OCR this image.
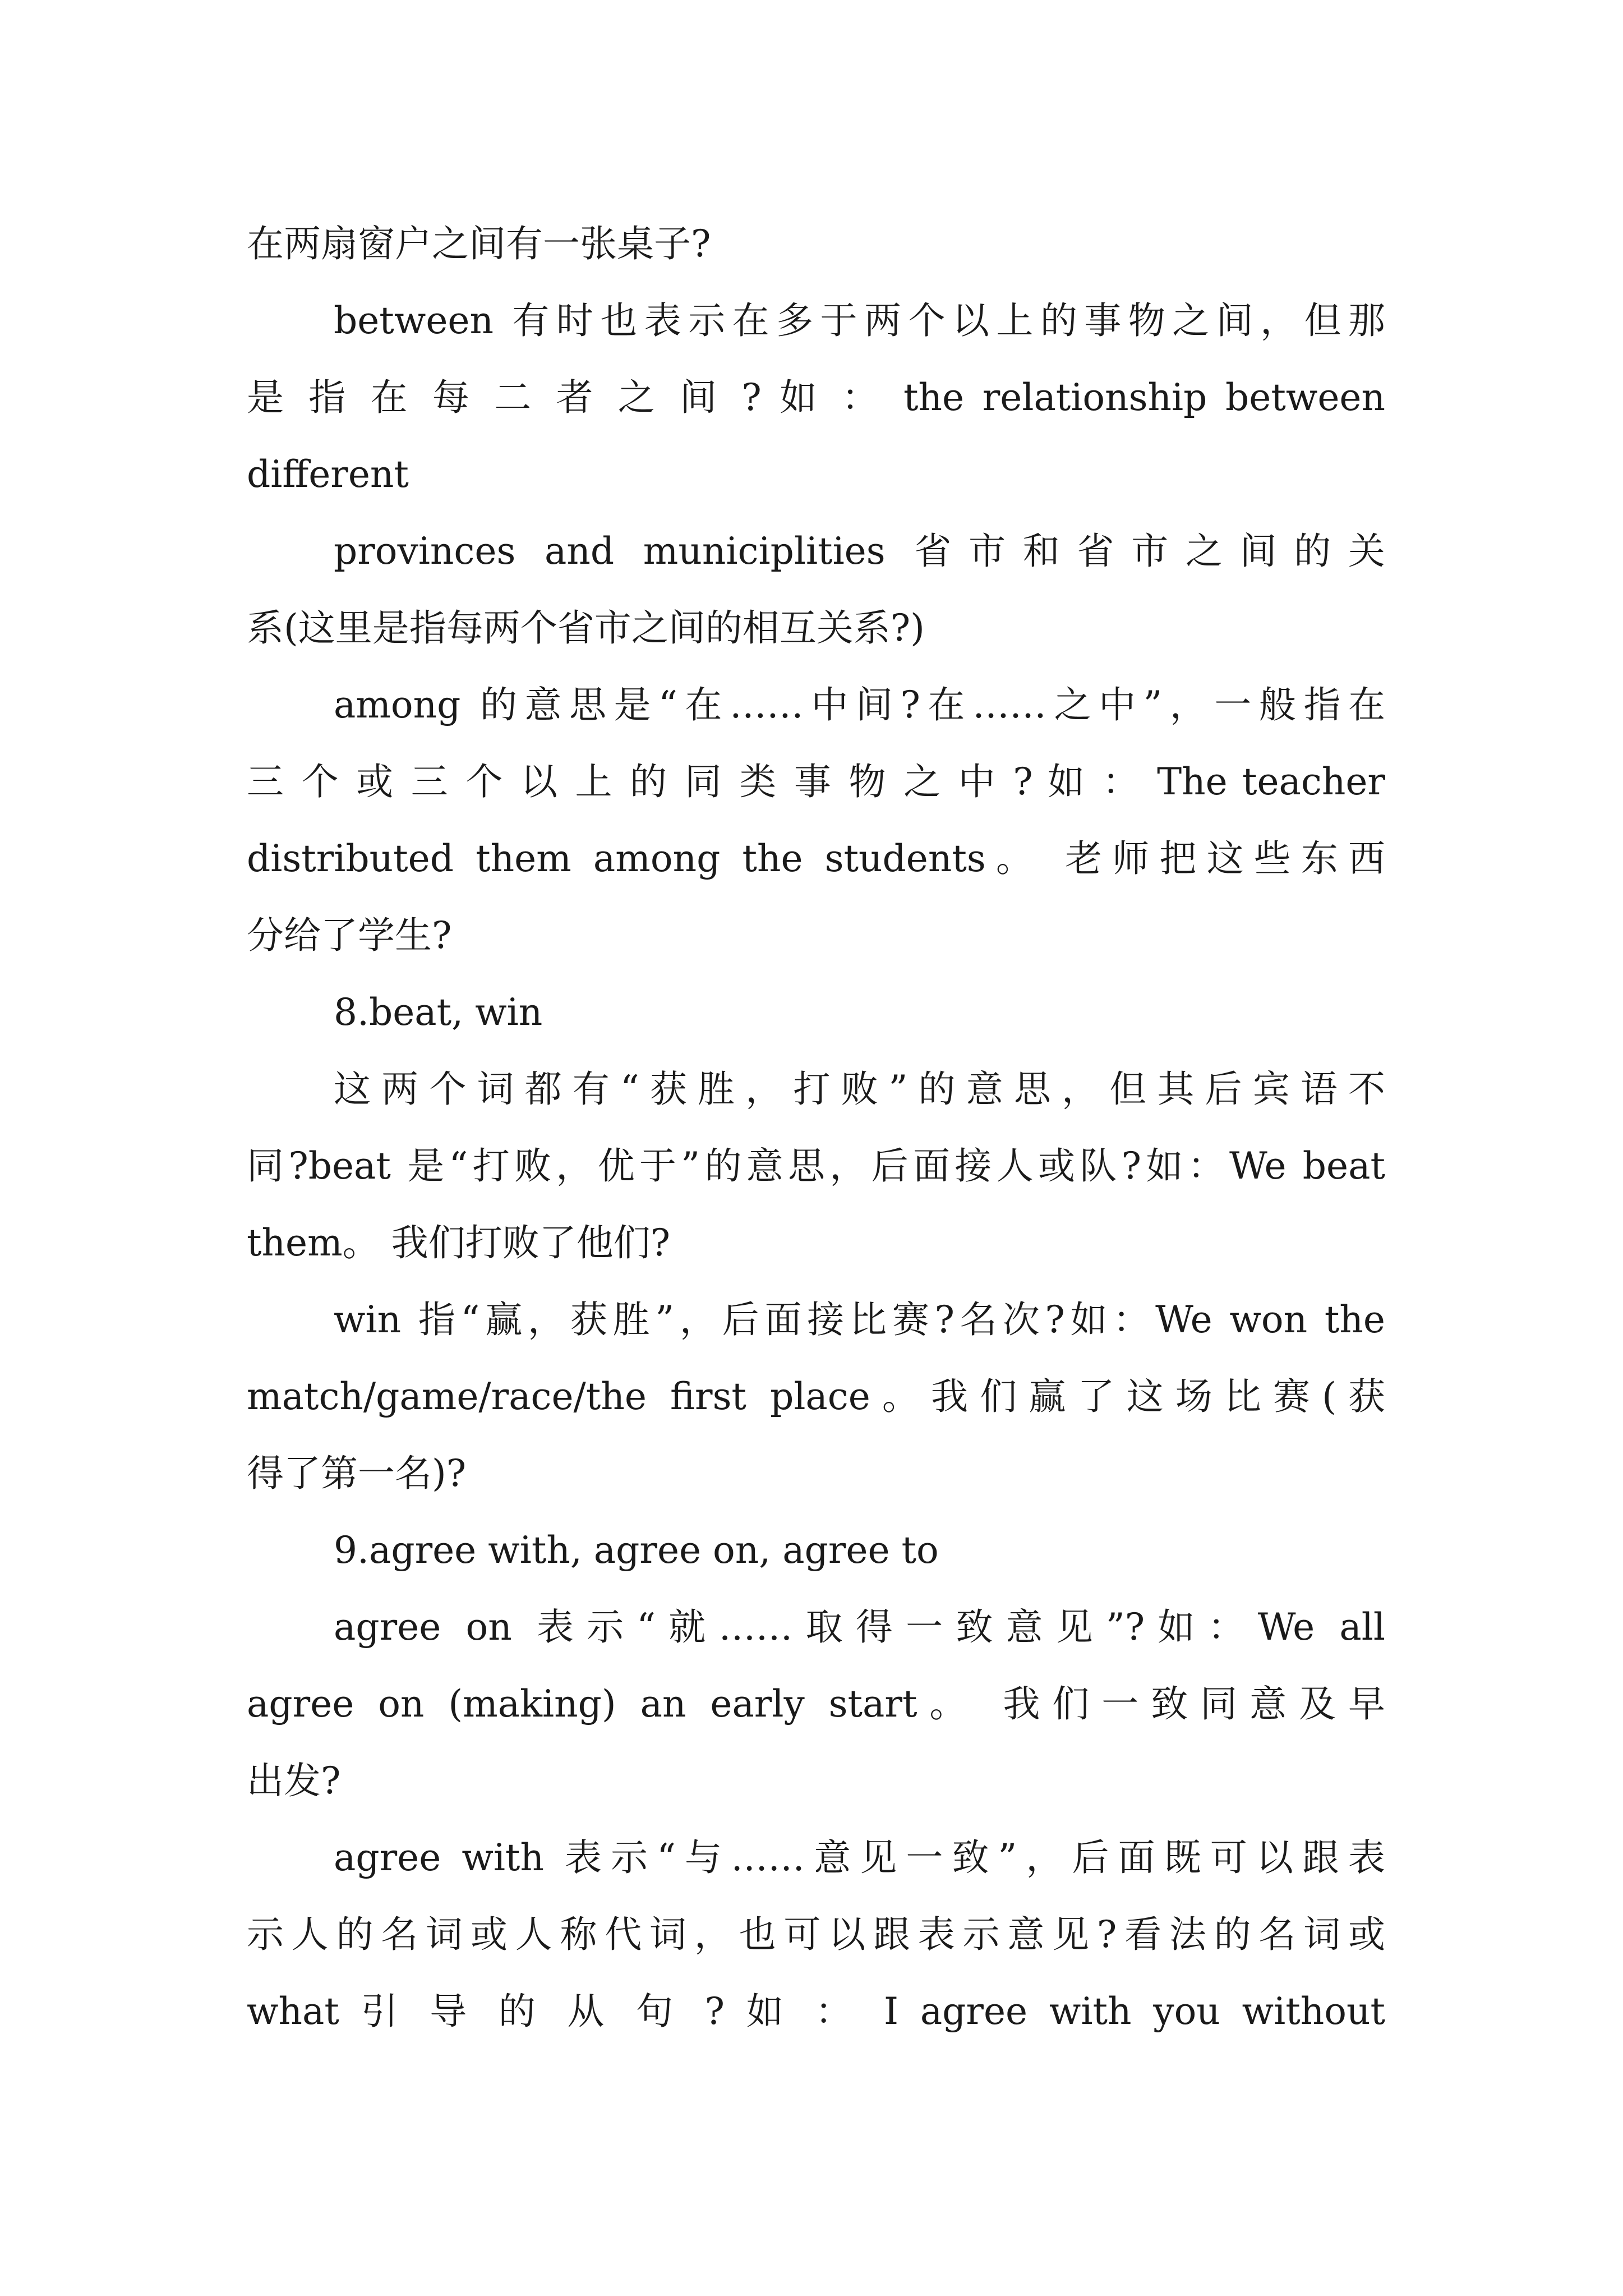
在两扇窗户之间有一张桌子?
between 有时也表示在多于两个以上的事物之间，但那
是 指 在 每 二 者 之 间 ? 如 ： the relationship between
different
provinces and municiplities 省市和省市之间的关
系(这里是指每两个省市之间的相互关系?)
among 的意思是“在……中间?在……之中”，一般指在
三 个 或 三 个 以 上 的 同 类 事 物 之 中 ? 如 ： The teacher
distributed them among the students。 老师把这些东西
分给了学生?
8.beat, win
这两个词都有“获胜，打败”的意思，但其后宾语不
同?beat 是“打败，优于”的意思，后面接人或队?如：We beat
them。 我们打败了他们?
win 指“赢，获胜”，后面接比赛?名次?如：We won the
match/game/race/the first place。我们赢了这场比赛(获
得了第一名)?
9.agree with, agree on, agree to
agree on 表示“就……取得一致意见”?如：We all
agree on (making) an early start。 我们一致同意及早
出发?
agree with 表示“与……意见一致”，后面既可以跟表
示人的名词或人称代词，也可以跟表示意见?看法的名词或
what 引 导 的 从 句 ? 如 ： I agree with you without
